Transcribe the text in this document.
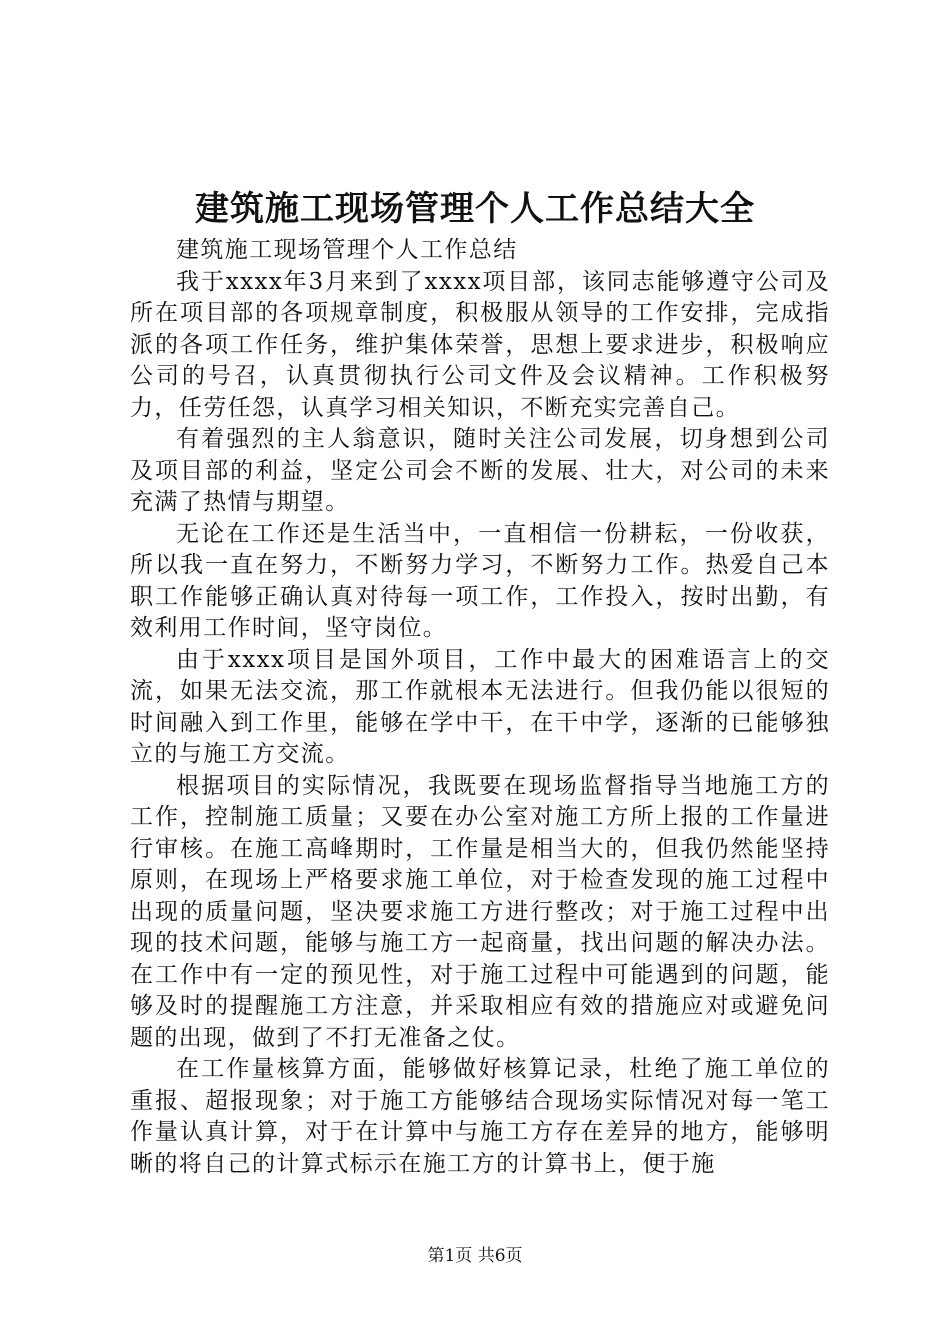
建筑施工现场管理个人工作总结大全

建筑施工现场管理个人工作总结

我于xxxx年3月来到了xxxx项目部，该同志能够遵守公司及所在项目部的各项规章制度，积极服从领导的工作安排，完成指派的各项工作任务，维护集体荣誉，思想上要求进步，积极响应公司的号召，认真贯彻执行公司文件及会议精神。工作积极努力，任劳任怨，认真学习相关知识，不断充实完善自己。

有着强烈的主人翁意识，随时关注公司发展，切身想到公司及项目部的利益，坚定公司会不断的发展、壮大，对公司的未来充满了热情与期望。

无论在工作还是生活当中，一直相信一份耕耘，一份收获，所以我一直在努力，不断努力学习，不断努力工作。热爱自己本职工作能够正确认真对待每一项工作，工作投入，按时出勤，有效利用工作时间，坚守岗位。

由于xxxx项目是国外项目，工作中最大的困难语言上的交流，如果无法交流，那工作就根本无法进行。但我仍能以很短的时间融入到工作里，能够在学中干，在干中学，逐渐的已能够独立的与施工方交流。

根据项目的实际情况，我既要在现场监督指导当地施工方的工作，控制施工质量；又要在办公室对施工方所上报的工作量进行审核。在施工高峰期时，工作量是相当大的，但我仍然能坚持原则，在现场上严格要求施工单位，对于检查发现的施工过程中出现的质量问题，坚决要求施工方进行整改；对于施工过程中出现的技术问题，能够与施工方一起商量，找出问题的解决办法。在工作中有一定的预见性，对于施工过程中可能遇到的问题，能够及时的提醒施工方注意，并采取相应有效的措施应对或避免问题的出现，做到了不打无准备之仗。

在工作量核算方面，能够做好核算记录，杜绝了施工单位的重报、超报现象；对于施工方能够结合现场实际情况对每一笔工作量认真计算，对于在计算中与施工方存在差异的地方，能够明晰的将自己的计算式标示在施工方的计算书上，便于施

第1页 共6页
